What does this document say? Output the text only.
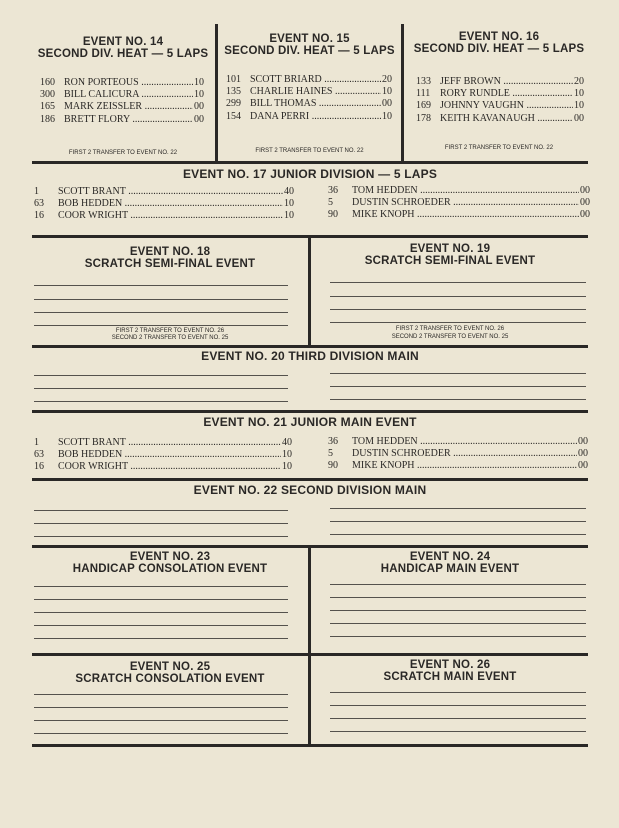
EVENT NO. 14
SECOND DIV. HEAT — 5 LAPS
160 RON PORTEOUS .....	10
300 BILL CALICURA .....	10
165 MARK ZEISSLER .....	00
186 BRETT FLORY .....	00
FIRST 2 TRANSFER TO EVENT NO. 22
EVENT NO. 15
SECOND DIV. HEAT — 5 LAPS
101 SCOTT BRIARD .....	20
135 CHARLIE HAINES .....	10
299 BILL THOMAS .....	00
154 DANA PERRI .....	10
FIRST 2 TRANSFER TO EVENT NO. 22
EVENT NO. 16
SECOND DIV. HEAT — 5 LAPS
133 JEFF BROWN .....	20
111 RORY RUNDLE .....	10
169 JOHNNY VAUGHN .....	10
178 KEITH KAVANAUGH .....	00
FIRST 2 TRANSFER TO EVENT NO. 22
EVENT NO. 17 JUNIOR DIVISION — 5 LAPS
1	SCOTT BRANT .....	40
63	BOB HEDDEN .....	10
16	COOR WRIGHT .....	10
36	TOM HEDDEN .....	00
5	DUSTIN SCHROEDER .....	00
90	MIKE KNOPH .....	00
EVENT NO. 18
SCRATCH SEMI-FINAL EVENT
FIRST 2 TRANSFER TO EVENT NO. 26
SECOND 2 TRANSFER TO EVENT NO. 25
EVENT NO. 19
SCRATCH SEMI-FINAL EVENT
FIRST 2 TRANSFER TO EVENT NO. 26
SECOND 2 TRANSFER TO EVENT NO. 25
EVENT NO. 20 THIRD DIVISION MAIN
EVENT NO. 21 JUNIOR MAIN EVENT
1	SCOTT BRANT .....	40
63	BOB HEDDEN .....	10
16	COOR WRIGHT .....	10
36	TOM HEDDEN .....	00
5	DUSTIN SCHROEDER .....	00
90	MIKE KNOPH .....	00
EVENT NO. 22 SECOND DIVISION MAIN
EVENT NO. 23
HANDICAP CONSOLATION EVENT
EVENT NO. 24
HANDICAP MAIN EVENT
EVENT NO. 25
SCRATCH CONSOLATION EVENT
EVENT NO. 26
SCRATCH MAIN EVENT
